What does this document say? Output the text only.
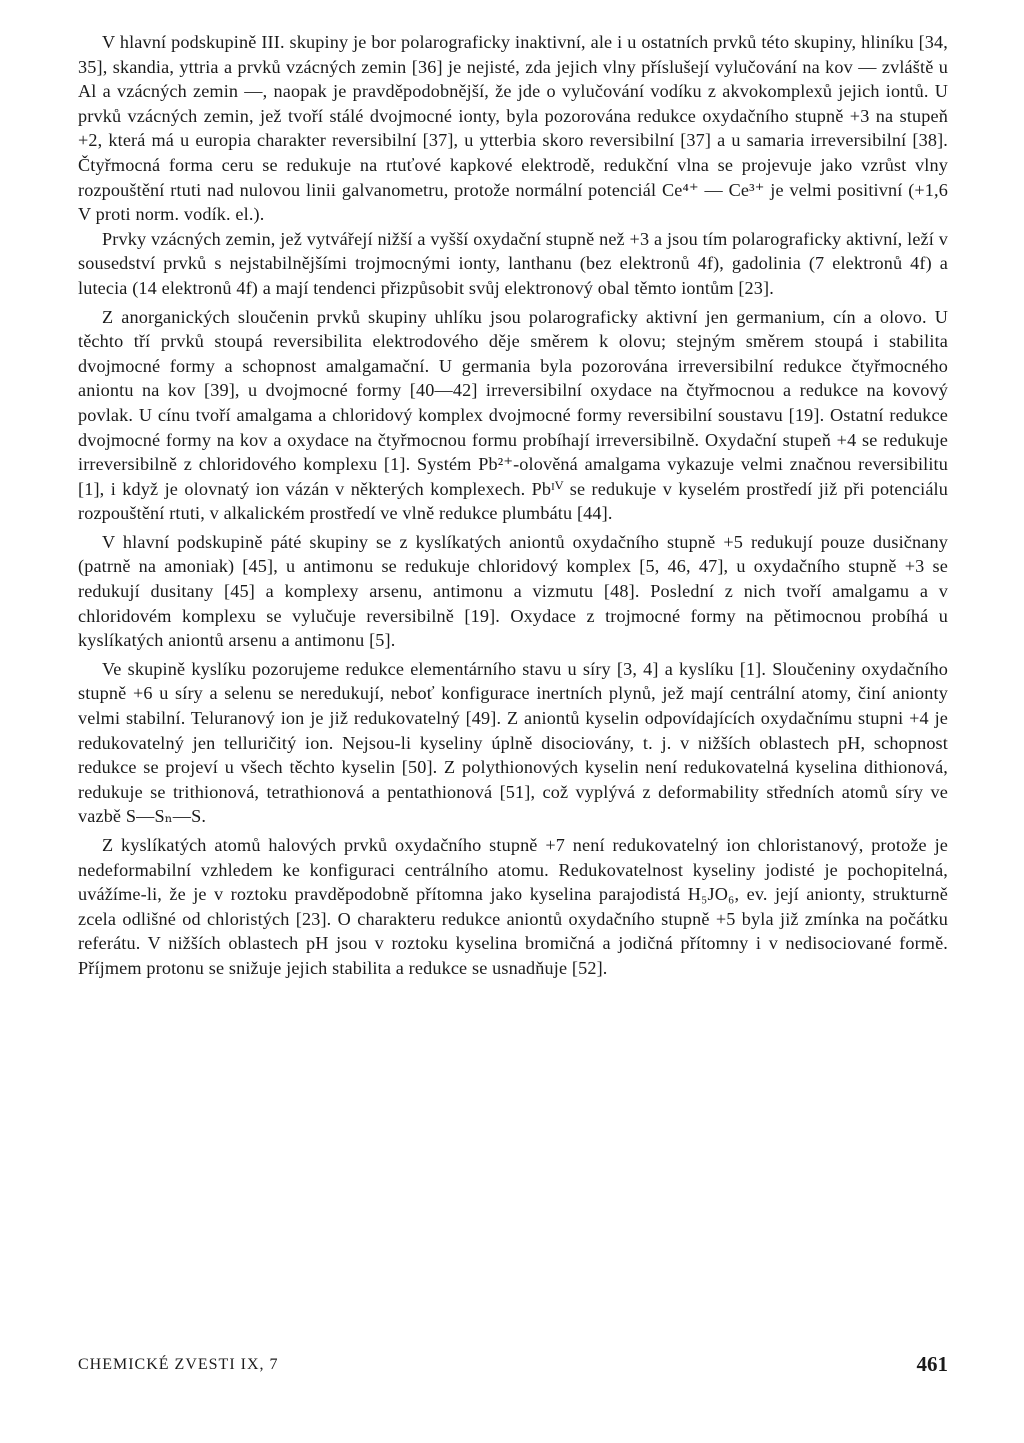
V hlavní podskupině III. skupiny je bor polarograficky inaktivní, ale i u ostatních prvků této skupiny, hliníku [34, 35], skandia, yttria a prvků vzácných zemin [36] je nejisté, zda jejich vlny příslušejí vylučování na kov — zvláště u Al a vzácných zemin —, naopak je pravděpodobnější, že jde o vylučování vodíku z akvokomplexů jejich iontů. U prvků vzácných zemin, jež tvoří stálé dvojmocné ionty, byla pozorována redukce oxydačního stupně +3 na stupeň +2, která má u europia charakter reversibilní [37], u ytterbia skoro reversibilní [37] a u samaria irreversibilní [38]. Čtyřmocná forma ceru se redukuje na rtuťové kapkové elektrodě, redukční vlna se projevuje jako vzrůst vlny rozpouštění rtuti nad nulovou linii galvanometru, protože normální potenciál Ce⁴⁺ — Ce³⁺ je velmi positivní (+1,6 V proti norm. vodík. el.).

Prvky vzácných zemin, jež vytvářejí nižší a vyšší oxydační stupně než +3 a jsou tím polarograficky aktivní, leží v sousedství prvků s nejstabilnějšími trojmocnými ionty, lanthanu (bez elektronů 4f), gadolinia (7 elektronů 4f) a lutecia (14 elektronů 4f) a mají tendenci přizpůsobit svůj elektronový obal těmto iontům [23].

Z anorganických sloučenin prvků skupiny uhlíku jsou polarograficky aktivní jen germanium, cín a olovo. U těchto tří prvků stoupá reversibilita elektrodového děje směrem k olovu; stejným směrem stoupá i stabilita dvojmocné formy a schopnost amalgamační. U germania byla pozorována irreversibilní redukce čtyřmocného aniontu na kov [39], u dvojmocné formy [40—42] irreversibilní oxydace na čtyřmocnou a redukce na kovový povlak. U cínu tvoří amalgama a chloridový komplex dvojmocné formy reversibilní soustavu [19]. Ostatní redukce dvojmocné formy na kov a oxydace na čtyřmocnou formu probíhají irreversibilně. Oxydační stupeň +4 se redukuje irreversibilně z chloridového komplexu [1]. Systém Pb²⁺-olověná amalgama vykazuje velmi značnou reversibilitu [1], i když je olovnatý ion vázán v některých komplexech. Pbᴵⱽ se redukuje v kyselém prostředí již při potenciálu rozpouštění rtuti, v alkalickém prostředí ve vlně redukce plumbátu [44].

V hlavní podskupině páté skupiny se z kyslíkatých aniontů oxydačního stupně +5 redukují pouze dusičnany (patrně na amoniak) [45], u antimonu se redukuje chloridový komplex [5, 46, 47], u oxydačního stupně +3 se redukují dusitany [45] a komplexy arsenu, antimonu a vizmutu [48]. Poslední z nich tvoří amalgamu a v chloridovém komplexu se vylučuje reversibilně [19]. Oxydace z trojmocné formy na pětimocnou probíhá u kyslíkatých aniontů arsenu a antimonu [5].

Ve skupině kyslíku pozorujeme redukce elementárního stavu u síry [3, 4] a kyslíku [1]. Sloučeniny oxydačního stupně +6 u síry a selenu se neredukují, neboť konfigurace inertních plynů, jež mají centrální atomy, činí anionty velmi stabilní. Teluranový ion je již redukovatelný [49]. Z aniontů kyselin odpovídajících oxydačnímu stupni +4 je redukovatelný jen telluričitý ion. Nejsou-li kyseliny úplně disociovány, t. j. v nižších oblastech pH, schopnost redukce se projeví u všech těchto kyselin [50]. Z polythionových kyselin není redukovatelná kyselina dithionová, redukuje se trithionová, tetrathionová a pentathionová [51], což vyplývá z deformability středních atomů síry ve vazbě S—Sₙ—S.

Z kyslíkatých atomů halových prvků oxydačního stupně +7 není redukovatelný ion chloristanový, protože je nedeformabilní vzhledem ke konfiguraci centrálního atomu. Redukovatelnost kyseliny jodisté je pochopitelná, uvážíme-li, že je v roztoku pravděpodobně přítomna jako kyselina parajodistá H₅JO₆, ev. její anionty, strukturně zcela odlišné od chloristých [23]. O charakteru redukce aniontů oxydačního stupně +5 byla již zmínka na počátku referátu. V nižších oblastech pH jsou v roztoku kyselina bromičná a jodičná přítomny i v nedisociované formě. Příjmem protonu se snižuje jejich stabilita a redukce se usnadňuje [52].

CHEMICKÉ ZVESTI IX, 7	461
